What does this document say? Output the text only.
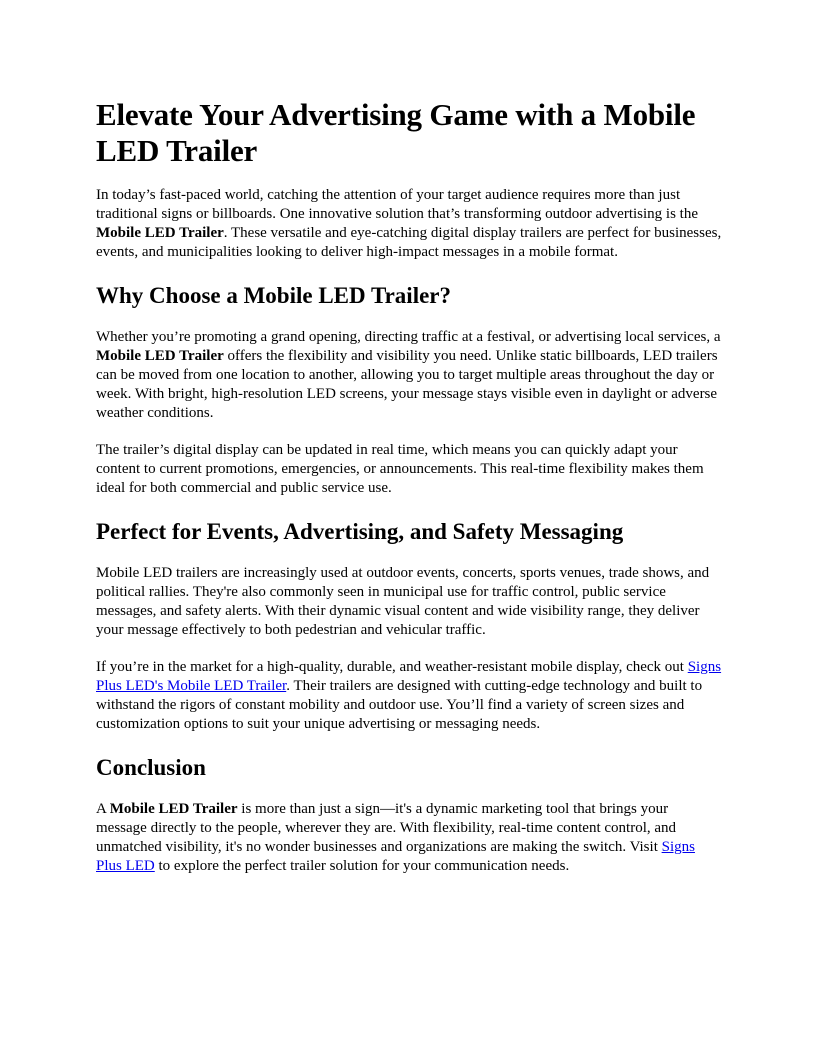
Elevate Your Advertising Game with a Mobile LED Trailer

In today’s fast-paced world, catching the attention of your target audience requires more than just traditional signs or billboards. One innovative solution that’s transforming outdoor advertising is the Mobile LED Trailer. These versatile and eye-catching digital display trailers are perfect for businesses, events, and municipalities looking to deliver high-impact messages in a mobile format.

Why Choose a Mobile LED Trailer?

Whether you’re promoting a grand opening, directing traffic at a festival, or advertising local services, a Mobile LED Trailer offers the flexibility and visibility you need. Unlike static billboards, LED trailers can be moved from one location to another, allowing you to target multiple areas throughout the day or week. With bright, high-resolution LED screens, your message stays visible even in daylight or adverse weather conditions.

The trailer’s digital display can be updated in real time, which means you can quickly adapt your content to current promotions, emergencies, or announcements. This real-time flexibility makes them ideal for both commercial and public service use.

Perfect for Events, Advertising, and Safety Messaging

Mobile LED trailers are increasingly used at outdoor events, concerts, sports venues, trade shows, and political rallies. They're also commonly seen in municipal use for traffic control, public service messages, and safety alerts. With their dynamic visual content and wide visibility range, they deliver your message effectively to both pedestrian and vehicular traffic.

If you’re in the market for a high-quality, durable, and weather-resistant mobile display, check out Signs Plus LED's Mobile LED Trailer. Their trailers are designed with cutting-edge technology and built to withstand the rigors of constant mobility and outdoor use. You’ll find a variety of screen sizes and customization options to suit your unique advertising or messaging needs.

Conclusion

A Mobile LED Trailer is more than just a sign—it's a dynamic marketing tool that brings your message directly to the people, wherever they are. With flexibility, real-time content control, and unmatched visibility, it's no wonder businesses and organizations are making the switch. Visit Signs Plus LED to explore the perfect trailer solution for your communication needs.
